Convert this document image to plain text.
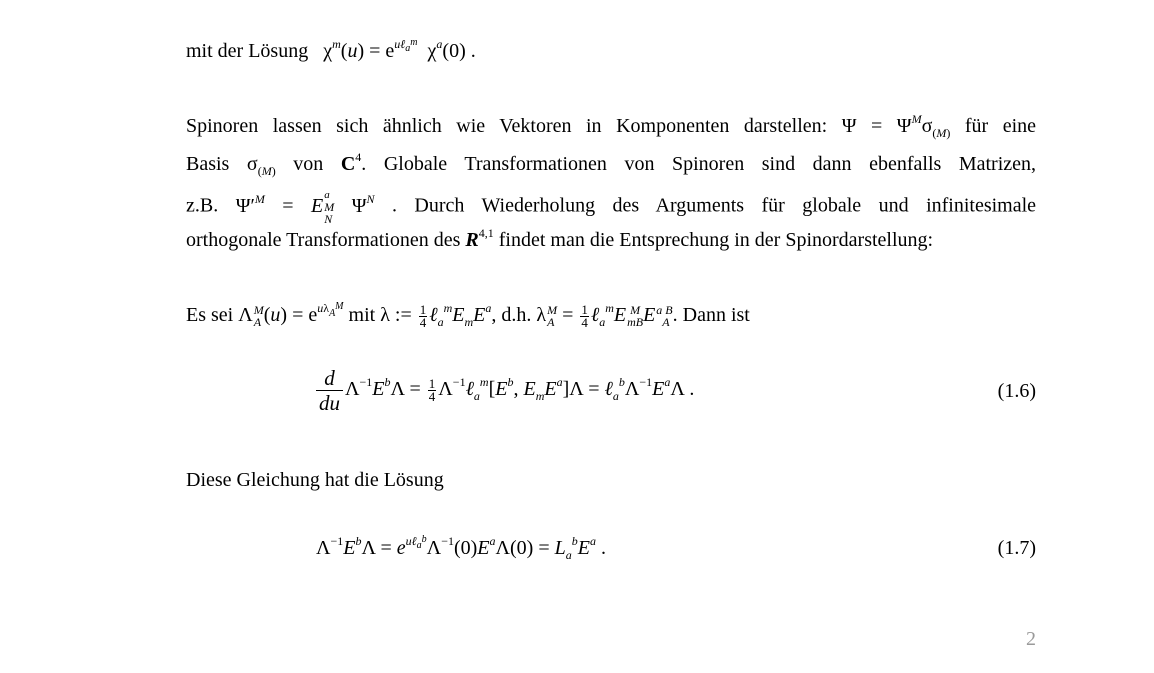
mit der Lösung   $\chi^m(u) = e^{u\ell_a^m}$  $\chi^a(0)$ .
Spinoren lassen sich ähnlich wie Vektoren in Komponenten darstellen: $\Psi = \Psi^M\sigma_{(M)}$ für eine
Basis $\sigma_{(M)}$ von $C^4$. Globale Transformationen von Spinoren sind dann ebenfalls Matrizen,
z.B. $\Psi'^M = E$ a
M
N
$\Psi^N$ . Durch Wiederholung des Arguments für globale und infinitesimale
orthogonale Transformationen des R$^{4,1}$ findet man die Entsprechung in der Spinordarstellung:
Es sei Λ M
A $(u) = e^{u\lambda_A^M}$ mit λ := $\frac{1}{4}$ $\ell_a^mE_mE^a$, d.h. λ M
$A = \frac{1}{4}$ ℓ$_a^m$E M
mB E a B
A . Dann ist
$\frac{d}{du} \Lambda^{-1}E^b\Lambda = \frac{1}{4}$ $\Lambda^{-1}\ell_a^m[E^b$, $E_mE^a]\Lambda$ = $\ell_a^b\Lambda^{-1}E^a\Lambda$ .	(1.6)
Diese Gleichung hat die Lösung
$\Lambda^{-1}E^b\Lambda = e^{u\ell_a^b}\Lambda^{-1}(0)E^a\Lambda(0) = L_a^bE^a$ .	(1.7)
2
